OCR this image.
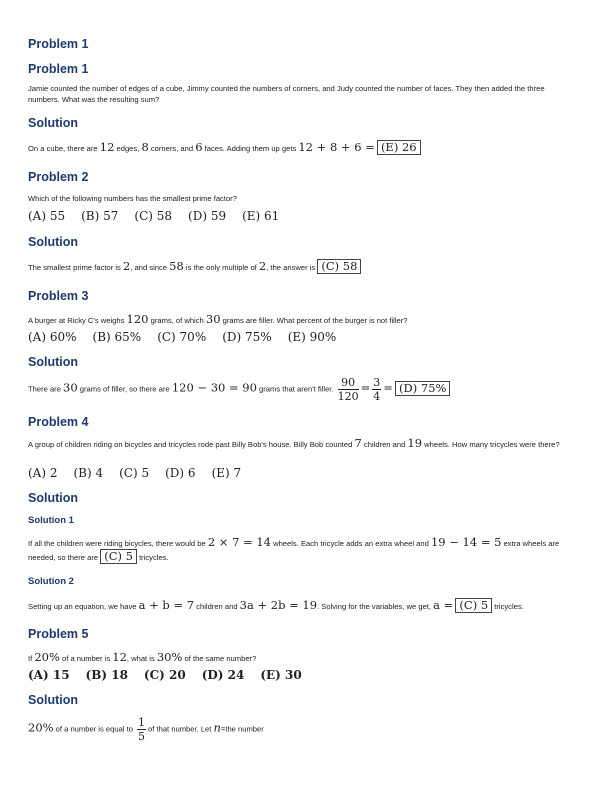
Problem 1
Problem 1
Jamie counted the number of edges of a cube, Jimmy counted the numbers of corners, and Judy counted the number of faces. They then added the three numbers. What was the resulting sum?
Solution
On a cube, there are 12 edges, 8 corners, and 6 faces. Adding them up gets 12 + 8 + 6 = (E) 26
Problem 2
Which of the following numbers has the smallest prime factor?
(A) 55 (B) 57 (C) 58 (D) 59 (E) 61
Solution
The smallest prime factor is 2, and since 58 is the only multiple of 2, the answer is (C) 58
Problem 3
A burger at Ricky C's weighs 120 grams, of which 30 grams are filler. What percent of the burger is not filler?
(A) 60% (B) 65% (C) 70% (D) 75% (E) 90%
Solution
There are 30 grams of filler, so there are 120 − 30 = 90 grams that aren't filler. $\frac{90}{120} = \frac{3}{4} = (D)$ 75%
Problem 4
A group of children riding on bicycles and tricycles rode past Billy Bob's house. Billy Bob counted 7 children and 19 wheels. How many tricycles were there?
(A) 2 (B) 4 (C) 5 (D) 6 (E) 7
Solution
Solution 1
If all the children were riding bicycles, there would be 2 × 7 = 14 wheels. Each tricycle adds an extra wheel and 19 − 14 = 5 extra wheels are
needed, so there are (C) 5 tricycles.
Solution 2
Setting up an equation, we have a + b = 7 children and 3a + 2b = 19. Solving for the variables, we get, a = (C) 5 tricycles.
Problem 5
If 20% of a number is 12, what is 30% of the same number?
(A) 15 (B) 18 (C) 20 (D) 24 (E) 30
Solution
20% of a number is equal to $\frac{1}{5}$ of that number. Let n=the number
